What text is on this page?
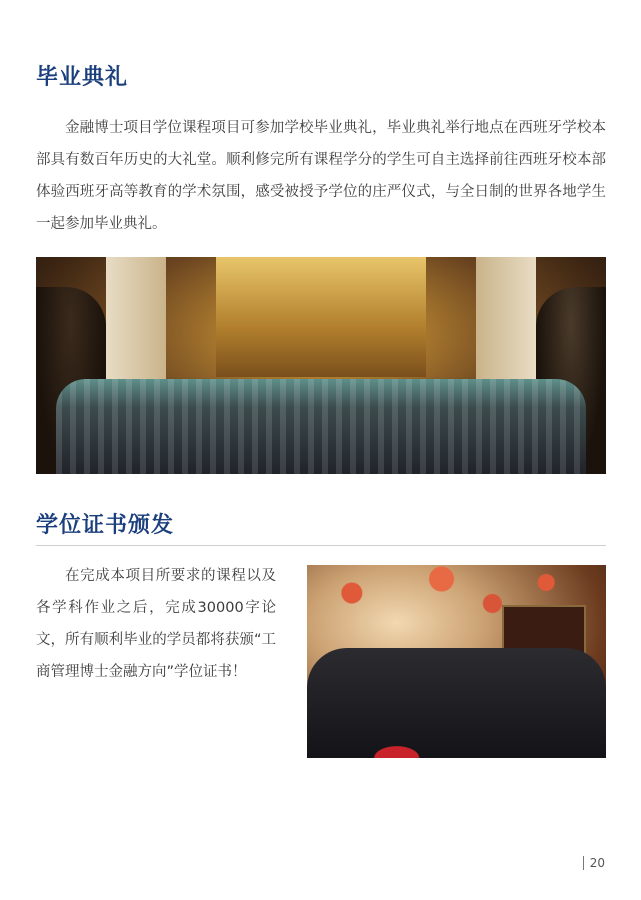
毕业典礼

金融博士项目学位课程项目可参加学校毕业典礼，毕业典礼举行地点在西班牙学校本部具有数百年历史的大礼堂。顺利修完所有课程学分的学生可自主选择前往西班牙校本部体验西班牙高等教育的学术氛围，感受被授予学位的庄严仪式，与全日制的世界各地学生一起参加毕业典礼。

学位证书颁发

在完成本项目所要求的课程以及各学科作业之后，完成30000字论文，所有顺利毕业的学员都将获颁“工商管理博士金融方向”学位证书！

20
